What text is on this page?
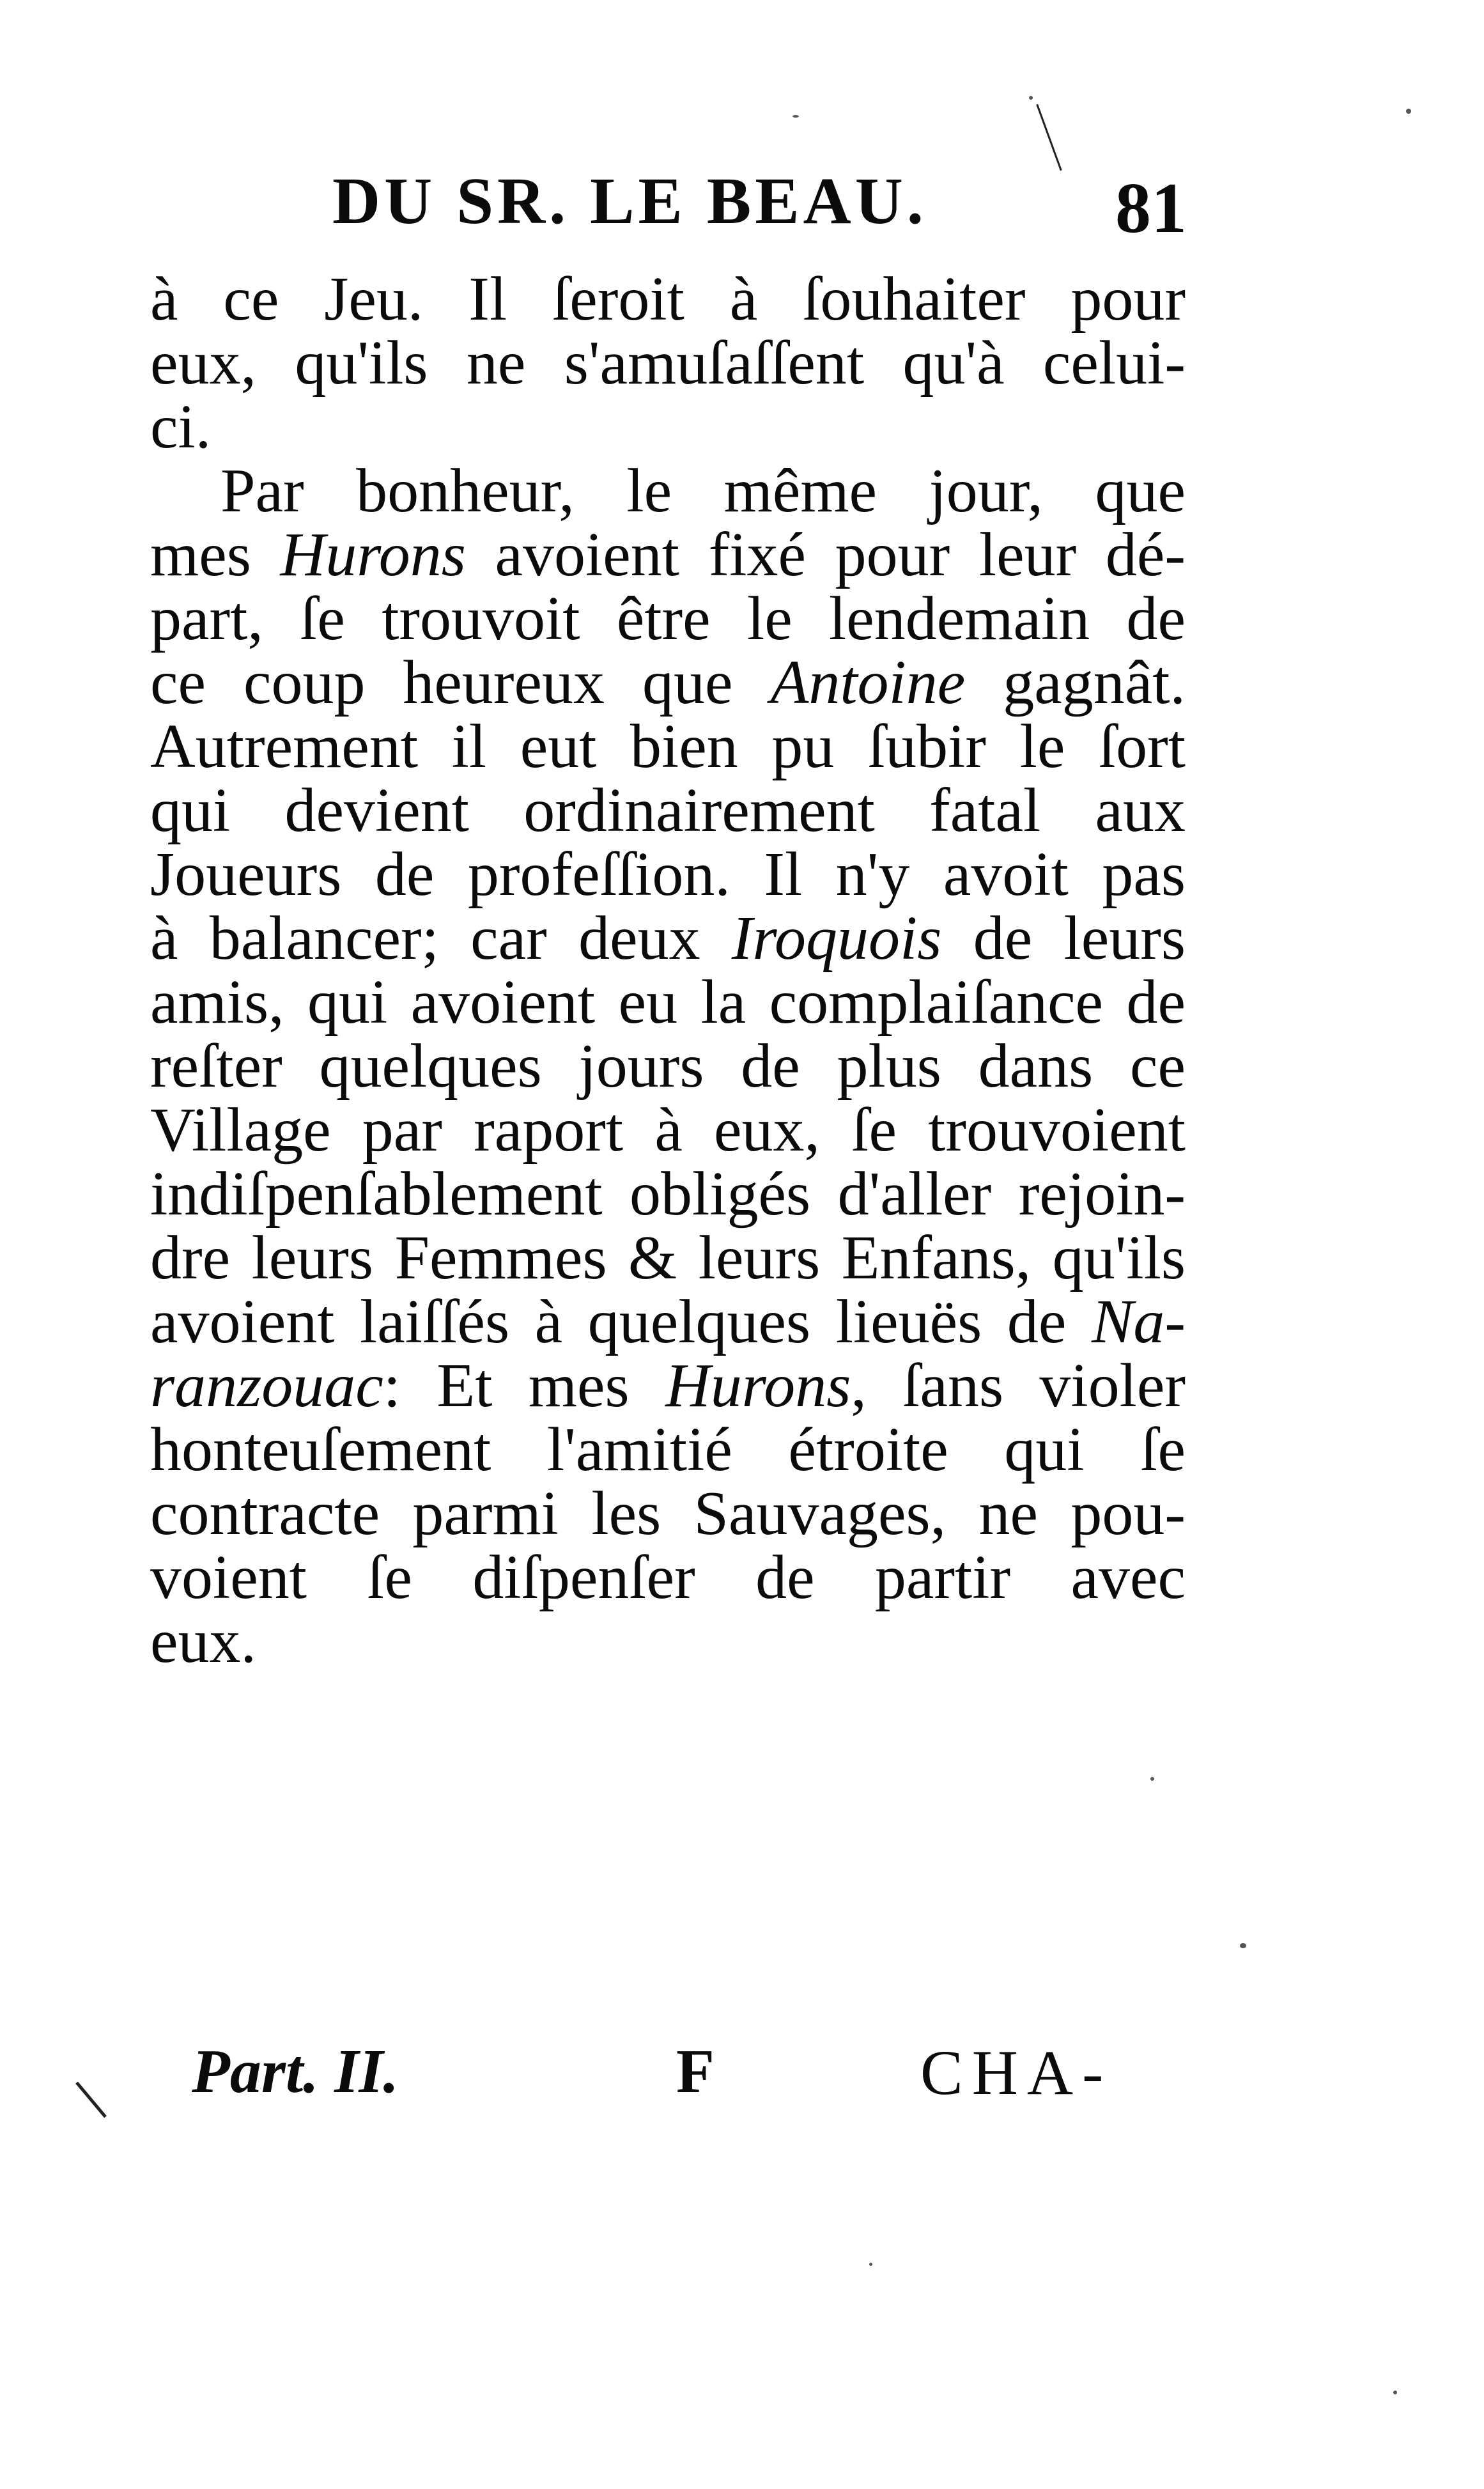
DU SR. LE BEAU.	81
à ce Jeu. Il ſeroit à ſouhaiter pour
eux, qu'ils ne s'amuſaſſent qu'à celui-
ci.
Par bonheur, le même jour, que
mes Hurons avoient fixé pour leur dé-
part, ſe trouvoit être le lendemain de
ce coup heureux que Antoine gagnât.
Autrement il eut bien pu ſubir le ſort
qui devient ordinairement fatal aux
Joueurs de profeſſion. Il n'y avoit pas
à balancer; car deux Iroquois de leurs
amis, qui avoient eu la complaiſance de
reſter quelques jours de plus dans ce
Village par raport à eux, ſe trouvoient
indiſpenſablement obligés d'aller rejoin-
dre leurs Femmes & leurs Enfans, qu'ils
avoient laiſſés à quelques lieuës de Na-
ranzouac: Et mes Hurons, ſans violer
honteuſement l'amitié étroite qui ſe
contracte parmi les Sauvages, ne pou-
voient ſe diſpenſer de partir avec
eux.
Part. II.	F	CHA-
